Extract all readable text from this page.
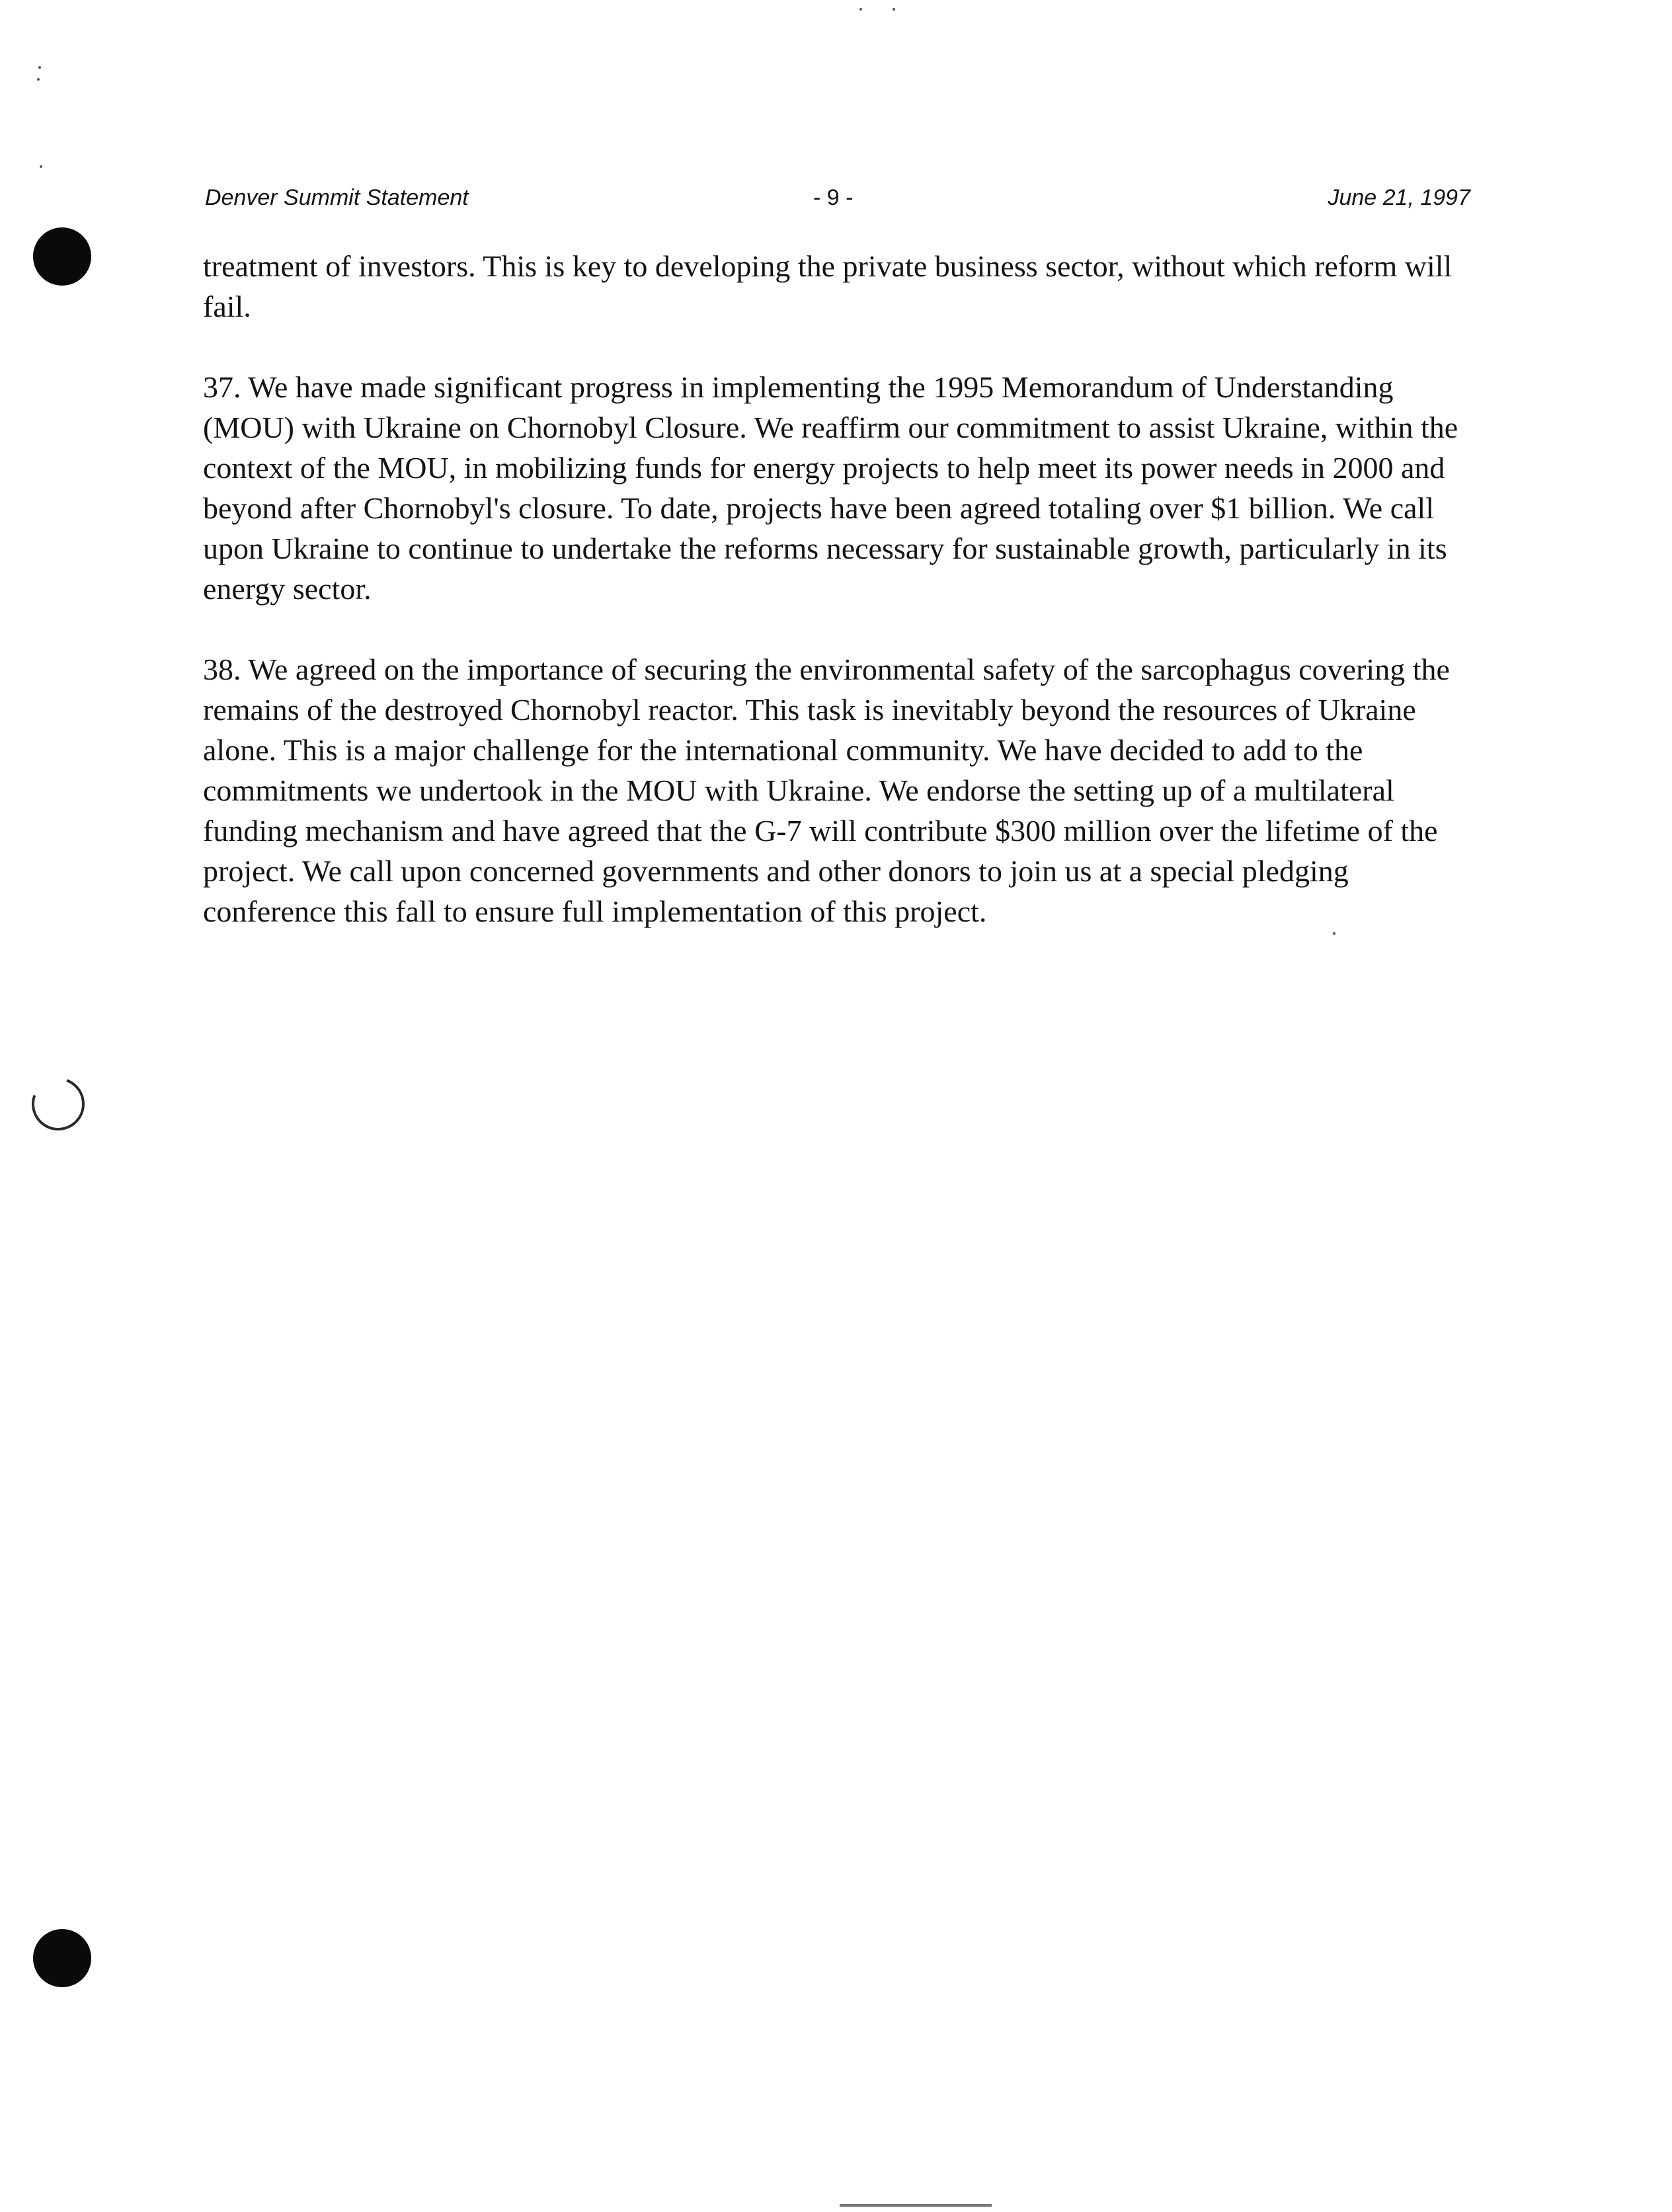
Denver Summit Statement	- 9 -	June 21, 1997

treatment of investors. This is key to developing the private business sector, without which reform will fail.

37. We have made significant progress in implementing the 1995 Memorandum of Understanding (MOU) with Ukraine on Chornobyl Closure. We reaffirm our commitment to assist Ukraine, within the context of the MOU, in mobilizing funds for energy projects to help meet its power needs in 2000 and beyond after Chornobyl's closure. To date, projects have been agreed totaling over $1 billion. We call upon Ukraine to continue to undertake the reforms necessary for sustainable growth, particularly in its energy sector.

38. We agreed on the importance of securing the environmental safety of the sarcophagus covering the remains of the destroyed Chornobyl reactor. This task is inevitably beyond the resources of Ukraine alone. This is a major challenge for the international community. We have decided to add to the commitments we undertook in the MOU with Ukraine. We endorse the setting up of a multilateral funding mechanism and have agreed that the G-7 will contribute $300 million over the lifetime of the project. We call upon concerned governments and other donors to join us at a special pledging conference this fall to ensure full implementation of this project.
